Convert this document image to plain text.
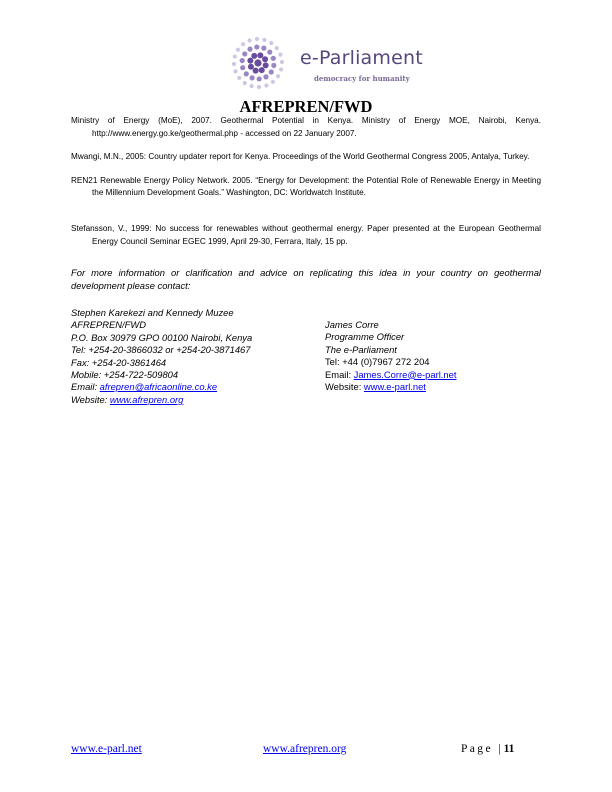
e-Parliament
democracy for humanity
AFREPREN/FWD

Ministry of Energy (MoE), 2007. Geothermal Potential in Kenya. Ministry of Energy MOE, Nairobi, Kenya. http://www.energy.go.ke/geothermal.php - accessed on 22 January 2007.

Mwangi, M.N., 2005: Country updater report for Kenya. Proceedings of the World Geothermal Congress 2005, Antalya, Turkey.

REN21 Renewable Energy Policy Network. 2005. “Energy for Development: the Potential Role of Renewable Energy in Meeting the Millennium Development Goals.” Washington, DC: Worldwatch Institute.

Stefansson, V., 1999: No success for renewables without geothermal energy. Paper presented at the European Geothermal Energy Council Seminar EGEC 1999, April 29-30, Ferrara, Italy, 15 pp.

For more information or clarification and advice on replicating this idea in your country on geothermal development please contact:

Stephen Karekezi and Kennedy Muzee
AFREPREN/FWD
P.O. Box 30979 GPO 00100 Nairobi, Kenya
Tel: +254-20-3866032 or +254-20-3871467
Fax: +254-20-3861464
Mobile: +254-722-509804
Email: afrepren@africaonline.co.ke
Website: www.afrepren.org
James Corre
Programme Officer
The e-Parliament
Tel: +44 (0)7967 272 204
Email: James.Corre@e-parl.net
Website: www.e-parl.net
www.e-parl.net	www.afrepren.org	Page | 11
